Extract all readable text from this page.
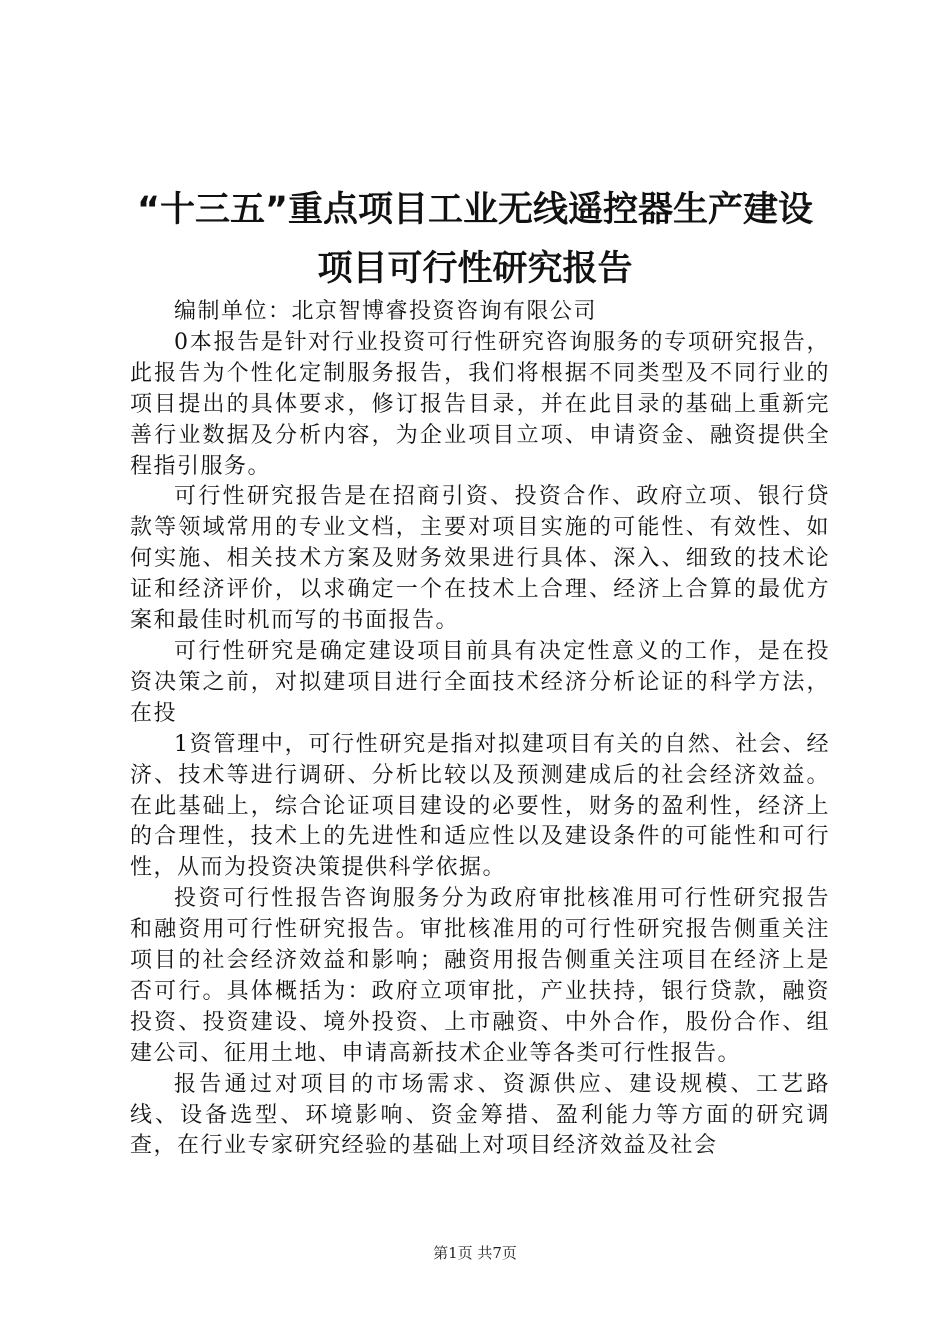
“十三五”重点项目工业无线遥控器生产建设
项目可行性研究报告

编制单位：北京智博睿投资咨询有限公司

0本报告是针对行业投资可行性研究咨询服务的专项研究报告，此报告为个性化定制服务报告，我们将根据不同类型及不同行业的项目提出的具体要求，修订报告目录，并在此目录的基础上重新完善行业数据及分析内容，为企业项目立项、申请资金、融资提供全程指引服务。

可行性研究报告是在招商引资、投资合作、政府立项、银行贷款等领域常用的专业文档，主要对项目实施的可能性、有效性、如何实施、相关技术方案及财务效果进行具体、深入、细致的技术论证和经济评价，以求确定一个在技术上合理、经济上合算的最优方案和最佳时机而写的书面报告。

可行性研究是确定建设项目前具有决定性意义的工作，是在投资决策之前，对拟建项目进行全面技术经济分析论证的科学方法，在投

1资管理中，可行性研究是指对拟建项目有关的自然、社会、经济、技术等进行调研、分析比较以及预测建成后的社会经济效益。在此基础上，综合论证项目建设的必要性，财务的盈利性，经济上的合理性，技术上的先进性和适应性以及建设条件的可能性和可行性，从而为投资决策提供科学依据。

投资可行性报告咨询服务分为政府审批核准用可行性研究报告和融资用可行性研究报告。审批核准用的可行性研究报告侧重关注项目的社会经济效益和影响；融资用报告侧重关注项目在经济上是否可行。具体概括为：政府立项审批，产业扶持，银行贷款，融资投资、投资建设、境外投资、上市融资、中外合作，股份合作、组建公司、征用土地、申请高新技术企业等各类可行性报告。

报告通过对项目的市场需求、资源供应、建设规模、工艺路线、设备选型、环境影响、资金筹措、盈利能力等方面的研究调查，在行业专家研究经验的基础上对项目经济效益及社会

第1页 共7页
